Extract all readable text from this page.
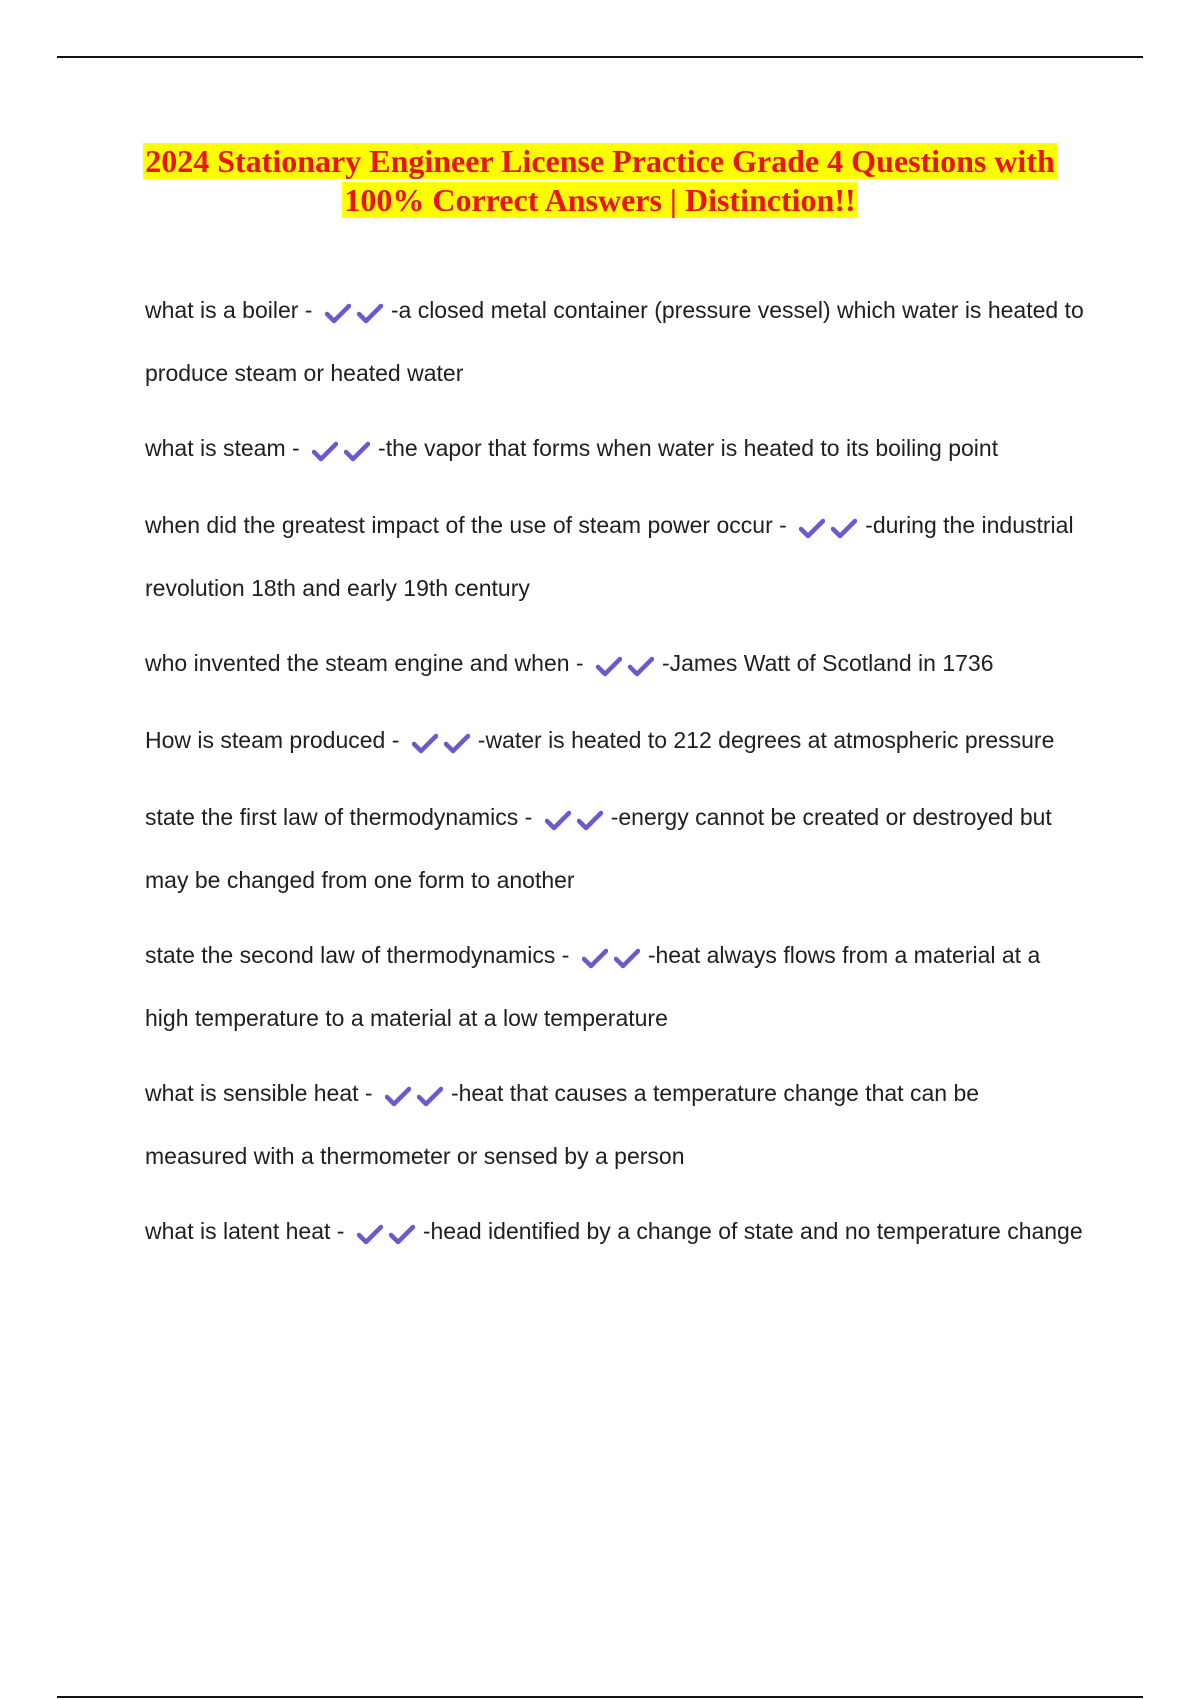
2024 Stationary Engineer License Practice Grade 4 Questions with
100% Correct Answers | Distinction!!
what is a boiler -	-a closed metal container (pressure vessel) which water is heated to produce steam or heated water
what is steam -	-the vapor that forms when water is heated to its boiling point
when did the greatest impact of the use of steam power occur -	-during the industrial revolution 18th and early 19th century
who invented the steam engine and when -	-James Watt of Scotland in 1736
How is steam produced -	-water is heated to 212 degrees at atmospheric pressure
state the first law of thermodynamics -	-energy cannot be created or destroyed but may be changed from one form to another
state the second law of thermodynamics -	-heat always flows from a material at a high temperature to a material at a low temperature
what is sensible heat -	-heat that causes a temperature change that can be measured with a thermometer or sensed by a person
what is latent heat -	-head identified by a change of state and no temperature change
